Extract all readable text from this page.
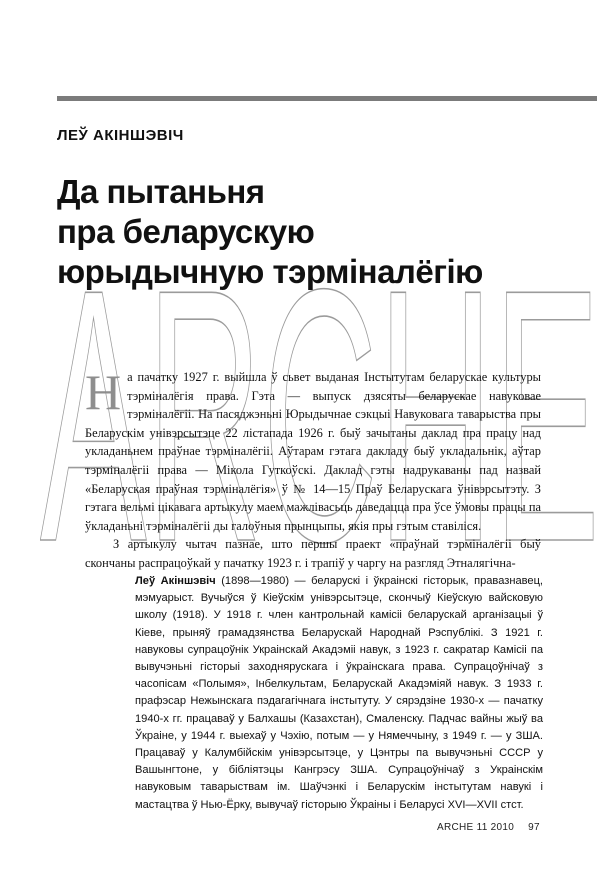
ARCHE
ЛЕЎ АКІНШЭВІЧ
Да пытаньня
пра беларускую
юрыдычную тэрміналёгію

На пачатку 1927 г. выйшла ў сьвет выданая Інстытутам беларускае культуры тэрміналёгія права. Гэта — выпуск дзясяты беларускае навуковае тэрміналёгіі. На пасяджэньні Юрыдычнае сэкцыі Навуковага таварыства пры Беларускім унівэрсытэце 22 лістапада 1926 г. быў зачытаны даклад пра працу над укладаньнем праўнае тэрміналёгіі. Аўтарам гэтага дакладу быў укладальнік, аўтар тэрміналёгіі права — Мікола Гуткоўскі. Даклад гэты надрукаваны пад назвай «Беларуская праўная тэрміналёгія» ў № 14—15 Праў Беларускага ўнівэрсытэту. З гэтага вельмі цікавага артыкулу маем мажлівасьць даведацца пра ўсе ўмовы працы па ўкладаньні тэрміналёгіі ды галоўныя прынцыпы, якія пры гэтым ставіліся.

З артыкулу чытач пазнае, што першы праект «праўнай тэрміналёгіі быў скончаны распрацоўкай у пачатку 1923 г. і трапіў у чаргу на разгляд Этналягічна-

Леў Акіншэвіч (1898—1980) — беларускі і ўкраінскі гісторык, правазнавец, мэмуарыст. Вучыўся ў Кіеўскім унівэрсытэце, скончыў Кіеўскую вайсковую школу (1918). У 1918 г. член кантрольнай камісіі беларускай арганізацыі ў Кіеве, прыняў грамадзянства Беларускай Народнай Рэспублікі. З 1921 г. навуковы супрацоўнік Украінскай Акадэміі навук, з 1923 г. сакратар Камісіі па вывучэньні гісторыі заходнярускага і ўкраінскага права. Супрацоўнічаў з часопісам «Полымя», Інбелкультам, Беларускай Акадэміяй навук. З 1933 г. прафэсар Нежынскага пэдагагічнага інстытуту. У сярэдзіне 1930-х — пачатку 1940-х гг. працаваў у Балхашы (Казахстан), Смаленску. Падчас вайны жыў ва Ўкраіне, у 1944 г. выехаў у Чэхію, потым — у Нямеччыну, з 1949 г. — у ЗША. Працаваў у Калумбійскім унівэрсытэце, у Цэнтры па вывучэньні СССР у Вашынгтоне, у бібліятэцы Кангрэсу ЗША. Супрацоўнічаў з Украінскім навуковым таварыствам ім. Шаўчэнкі і Беларускім інстытутам навукі і мастацтва ў Нью-Ёрку, вывучаў гісторыю Ўкраіны і Беларусі XVI—XVII стст.
ARCHE 11 2010 97
